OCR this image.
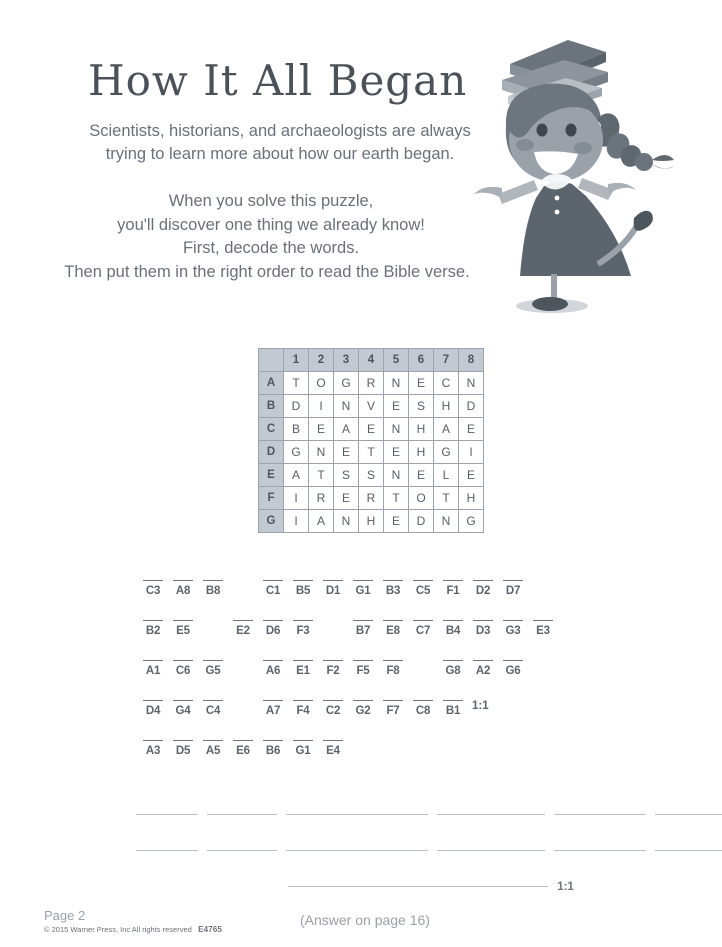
How It All Began
Scientists, historians, and archaeologists are always
trying to learn more about how our earth began.
When you solve this puzzle,
you'll discover one thing we already know!
First, decode the words.
Then put them in the right order to read the Bible verse.
	1	2	3	4	5	6	7	8
A	T	O	G	R	N	E	C	N
B	D	I	N	V	E	S	H	D
C	B	E	A	E	N	H	A	E
D	G	N	E	T	E	H	G	I
E	A	T	S	S	N	E	L	E
F	I	R	E	R	T	O	T	H
G	I	A	N	H	E	D	N	G
C3	A8	B8	C1	B5	D1	G1	B3	C5	F1	D2	D7
B2	E5	E2	D6	F3	B7	E8	C7	B4	D3	G3	E3
A1	C6	G5	A6	E1	F2	F5	F8	G8	A2	G6
D4	G4	C4	A7	F4	C2	G2	F7	C8	B1	1:1
A3	D5	A5	E6	B6	G1	E4
1:1
Page 2
© 2015 Warner Press, Inc All rights reserved E4765
(Answer on page 16)
